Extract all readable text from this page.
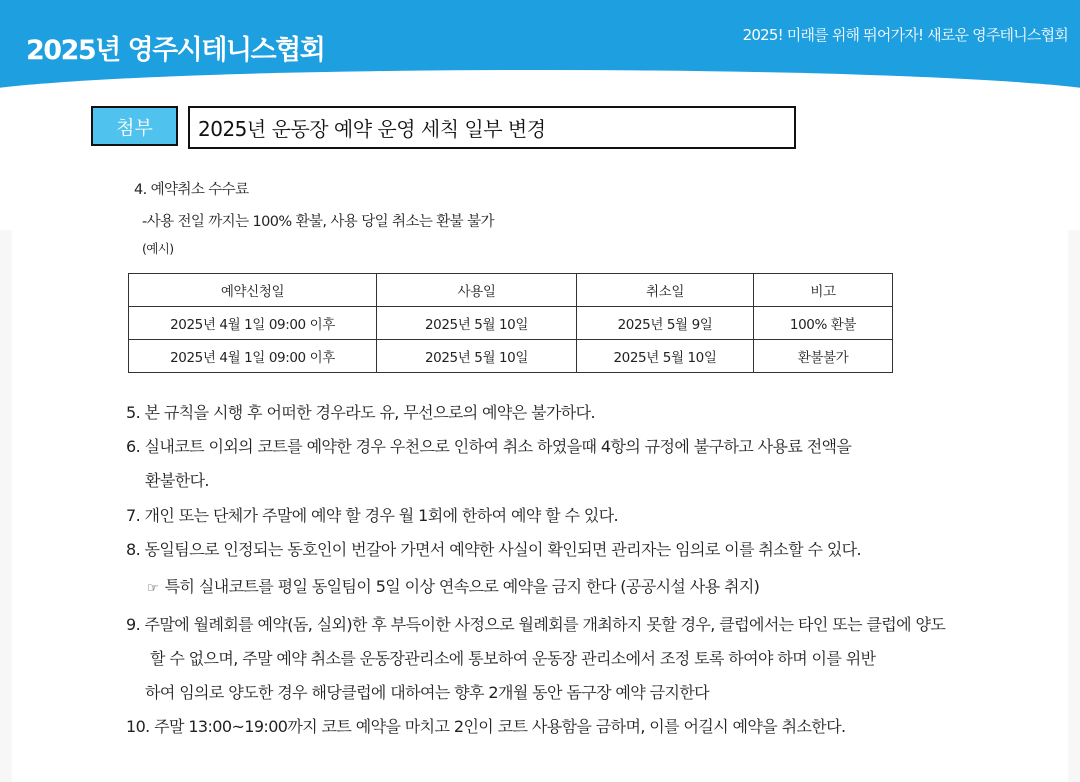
2025년 영주시테니스협회	2025! 미래를 위해 뛰어가자! 새로운 영주테니스협회
첨부	2025년 운동장 예약 운영 세칙 일부 변경
4. 예약취소 수수료
-사용 전일 까지는 100% 환불, 사용 당일 취소는 환불 불가
(예시)
예약신청일	사용일	취소일	비고
2025년 4월 1일 09:00 이후	2025년 5월 10일	2025년 5월 9일	100% 환불
2025년 4월 1일 09:00 이후	2025년 5월 10일	2025년 5월 10일	환불불가
5. 본 규칙을 시행 후 어떠한 경우라도 유, 무선으로의 예약은 불가하다.
6. 실내코트 이외의 코트를 예약한 경우 우천으로 인하여 취소 하였을때 4항의 규정에 불구하고 사용료 전액을
환불한다.
7. 개인 또는 단체가 주말에 예약 할 경우 월 1회에 한하여 예약 할 수 있다.
8. 동일팀으로 인정되는 동호인이 번갈아 가면서 예약한 사실이 확인되면 관리자는 임의로 이를 취소할 수 있다.
☞ 특히 실내코트를 평일 동일팀이 5일 이상 연속으로 예약을 금지 한다 (공공시설 사용 취지)
9. 주말에 월례회를 예약(돔, 실외)한 후 부득이한 사정으로 월례회를 개최하지 못할 경우, 클럽에서는 타인 또는 클럽에 양도
할 수 없으며, 주말 예약 취소를 운동장관리소에 통보하여 운동장 관리소에서 조정 토록 하여야 하며 이를 위반
하여 임의로 양도한 경우 해당클럽에 대하여는 향후 2개월 동안 돔구장 예약 금지한다
10. 주말 13:00~19:00까지 코트 예약을 마치고 2인이 코트 사용함을 금하며, 이를 어길시 예약을 취소한다.
